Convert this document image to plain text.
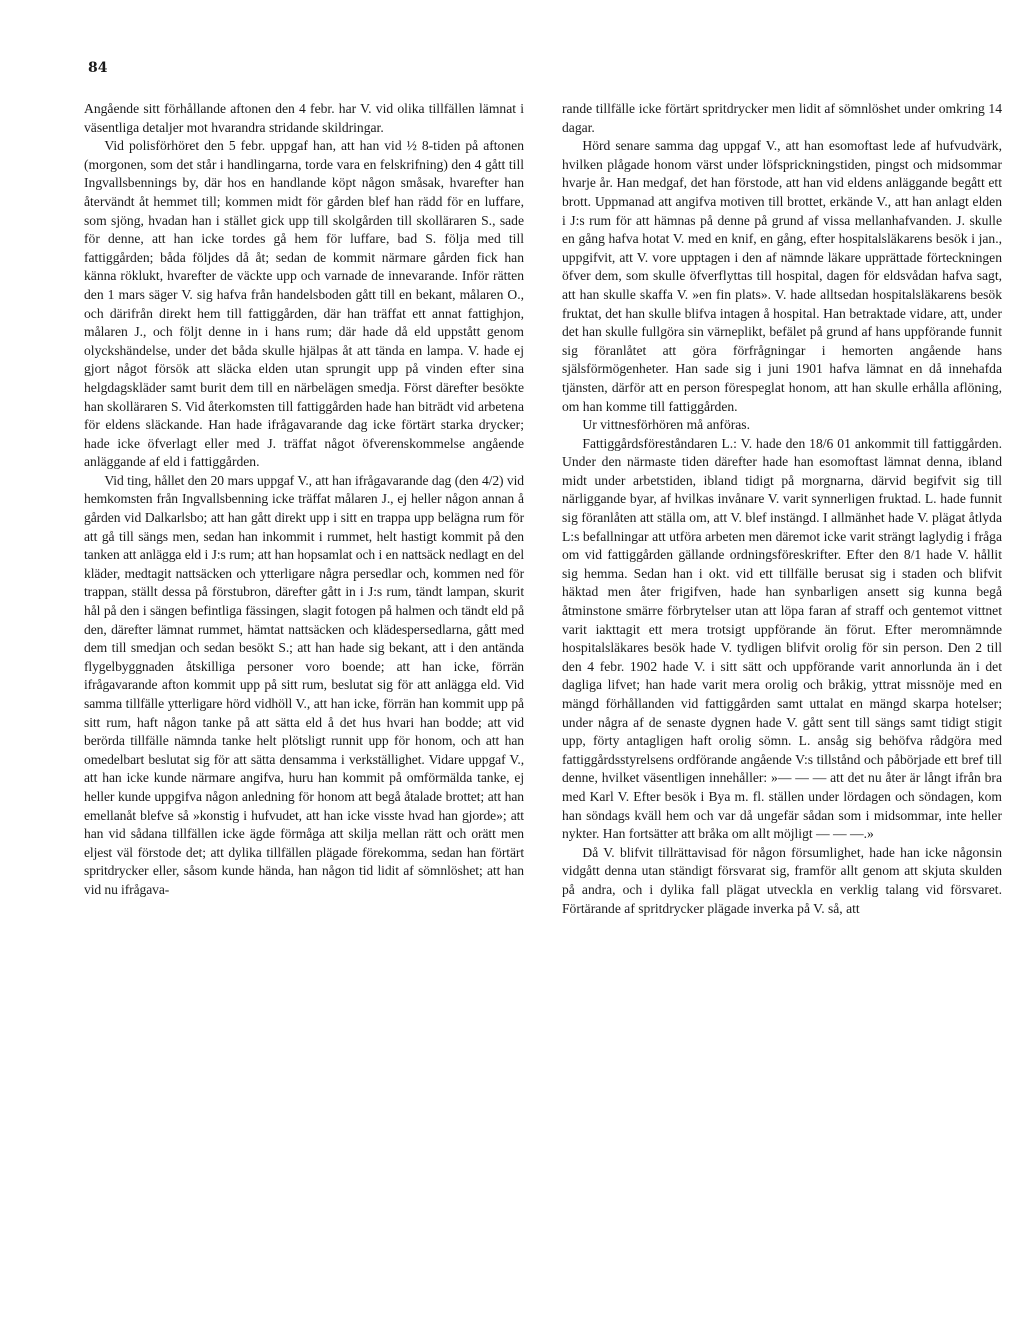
84

Angående sitt förhållande aftonen den 4 febr. har V. vid olika tillfällen lämnat i väsentliga detaljer mot hvarandra stridande skildringar.

Vid polisförhöret den 5 febr. uppgaf han, att han vid ½ 8-tiden på aftonen (morgonen, som det står i handlingarna, torde vara en felskrifning) den 4 gått till Ingvallsbennings by, där hos en handlande köpt någon småsak, hvarefter han återvändt åt hemmet till; kommen midt för gården blef han rädd för en luffare, som sjöng, hvadan han i stället gick upp till skolgården till skolläraren S., sade för denne, att han icke tordes gå hem för luffare, bad S. följa med till fattiggården; båda följdes då åt; sedan de kommit närmare gården fick han känna röklukt, hvarefter de väckte upp och varnade de innevarande. Inför rätten den 1 mars säger V. sig hafva från handelsboden gått till en bekant, målaren O., och därifrån direkt hem till fattiggården, där han träffat ett annat fattighjon, målaren J., och följt denne in i hans rum; där hade då eld uppstått genom olyckshändelse, under det båda skulle hjälpas åt att tända en lampa. V. hade ej gjort något försök att släcka elden utan sprungit upp på vinden efter sina helgdagskläder samt burit dem till en närbelägen smedja. Först därefter besökte han skolläraren S. Vid återkomsten till fattiggården hade han biträdt vid arbetena för eldens släckande. Han hade ifrågavarande dag icke förtärt starka drycker; hade icke öfverlagt eller med J. träffat något öfverenskommelse angående anläggande af eld i fattiggården.

Vid ting, hållet den 20 mars uppgaf V., att han ifrågavarande dag (den 4/2) vid hemkomsten från Ingvallsbenning icke träffat målaren J., ej heller någon annan å gården vid Dalkarlsbo; att han gått direkt upp i sitt en trappa upp belägna rum för att gå till sängs men, sedan han inkommit i rummet, helt hastigt kommit på den tanken att anlägga eld i J:s rum; att han hopsamlat och i en nattsäck nedlagt en del kläder, medtagit nattsäcken och ytterligare några persedlar och, kommen ned för trappan, ställt dessa på förstubron, därefter gått in i J:s rum, tändt lampan, skurit hål på den i sängen befintliga fässingen, slagit fotogen på halmen och tändt eld på den, därefter lämnat rummet, hämtat nattsäcken och klädespersedlarna, gått med dem till smedjan och sedan besökt S.; att han hade sig bekant, att i den antända flygelbyggnaden åtskilliga personer voro boende; att han icke, förrän ifrågavarande afton kommit upp på sitt rum, beslutat sig för att anlägga eld. Vid samma tillfälle ytterligare hörd vidhöll V., att han icke, förrän han kommit upp på sitt rum, haft någon tanke på att sätta eld å det hus hvari han bodde; att vid berörda tillfälle nämnda tanke helt plötsligt runnit upp för honom, och att han omedelbart beslutat sig för att sätta densamma i verkställighet. Vidare uppgaf V., att han icke kunde närmare angifva, huru han kommit på omförmälda tanke, ej heller kunde uppgifva någon anledning för honom att begå åtalade brottet; att han emellanåt blefve så »konstig i hufvudet, att han icke visste hvad han gjorde»; att han vid sådana tillfällen icke ägde förmåga att skilja mellan rätt och orätt men eljest väl förstode det; att dylika tillfällen plägade förekomma, sedan han förtärt spritdrycker eller, såsom kunde hända, han någon tid lidit af sömnlöshet; att han vid nu ifrågava-

rande tillfälle icke förtärt spritdrycker men lidit af sömnlöshet under omkring 14 dagar.

Hörd senare samma dag uppgaf V., att han esomoftast lede af hufvudvärk, hvilken plågade honom värst under löfsprickningstiden, pingst och midsommar hvarje år. Han medgaf, det han förstode, att han vid eldens anläggande begått ett brott. Uppmanad att angifva motiven till brottet, erkände V., att han anlagt elden i J:s rum för att hämnas på denne på grund af vissa mellanhafvanden. J. skulle en gång hafva hotat V. med en knif, en gång, efter hospitalsläkarens besök i jan., uppgifvit, att V. vore upptagen i den af nämnde läkare upprättade förteckningen öfver dem, som skulle öfverflyttas till hospital, dagen för eldsvådan hafva sagt, att han skulle skaffa V. »en fin plats». V. hade alltsedan hospitalsläkarens besök fruktat, det han skulle blifva intagen å hospital. Han betraktade vidare, att, under det han skulle fullgöra sin värneplikt, befälet på grund af hans uppförande funnit sig föranlåtet att göra förfrågningar i hemorten angående hans själsförmögenheter. Han sade sig i juni 1901 hafva lämnat en då innehafda tjänsten, därför att en person förespeglat honom, att han skulle erhålla aflöning, om han komme till fattiggården.

Ur vittnesförhören må anföras.

Fattiggårdsföreståndaren L.: V. hade den 18/6 01 ankommit till fattiggården. Under den närmaste tiden därefter hade han esomoftast lämnat denna, ibland midt under arbetstiden, ibland tidigt på morgnarna, därvid begifvit sig till närliggande byar, af hvilkas invånare V. varit synnerligen fruktad. L. hade funnit sig föranlåten att ställa om, att V. blef instängd. I allmänhet hade V. plägat åtlyda L:s befallningar att utföra arbeten men däremot icke varit strängt laglydig i fråga om vid fattiggården gällande ordningsföreskrifter. Efter den 8/1 hade V. hållit sig hemma. Sedan han i okt. vid ett tillfälle berusat sig i staden och blifvit häktad men åter frigifven, hade han synbarligen ansett sig kunna begå åtminstone smärre förbrytelser utan att löpa faran af straff och gentemot vittnet varit iakttagit ett mera trotsigt uppförande än förut. Efter meromnämnde hospitalsläkares besök hade V. tydligen blifvit orolig för sin person. Den 2 till den 4 febr. 1902 hade V. i sitt sätt och uppförande varit annorlunda än i det dagliga lifvet; han hade varit mera orolig och bråkig, yttrat missnöje med en mängd förhållanden vid fattiggården samt uttalat en mängd skarpa hotelser; under några af de senaste dygnen hade V. gått sent till sängs samt tidigt stigit upp, förty antagligen haft orolig sömn. L. ansåg sig behöfva rådgöra med fattiggårdsstyrelsens ordförande angående V:s tillstånd och påbörjade ett bref till denne, hvilket väsentligen innehåller: »— — — att det nu åter är långt ifrån bra med Karl V. Efter besök i Bya m. fl. ställen under lördagen och söndagen, kom han söndags kväll hem och var då ungefär sådan som i midsommar, inte heller nykter. Han fortsätter att bråka om allt möjligt — — —.»

Då V. blifvit tillrättavisad för någon försumlighet, hade han icke någonsin vidgått denna utan ständigt försvarat sig, framför allt genom att skjuta skulden på andra, och i dylika fall plägat utveckla en verklig talang vid försvaret. Förtärande af spritdrycker plägade inverka på V. så, att
